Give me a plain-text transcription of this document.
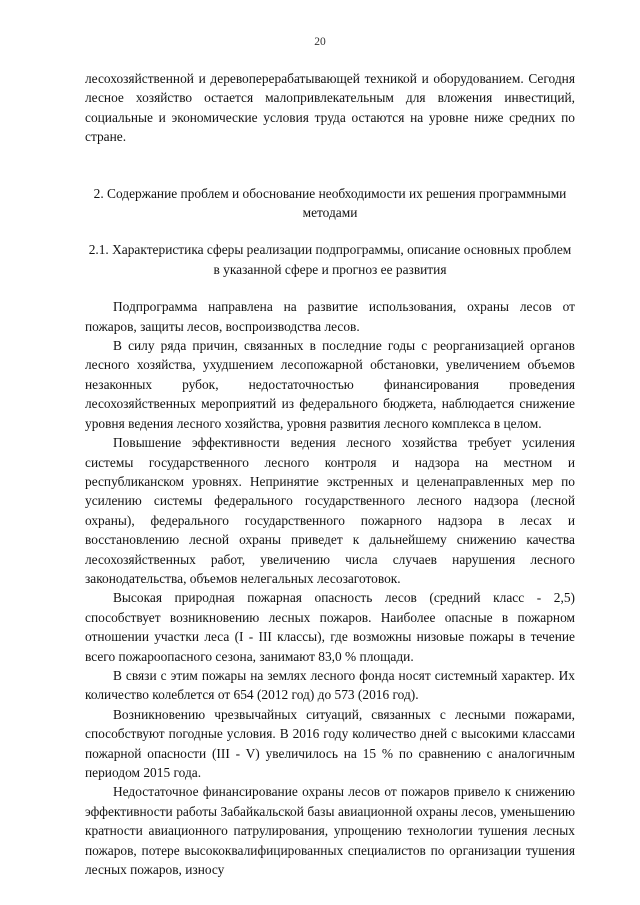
20

лесохозяйственной и деревоперерабатывающей техникой и оборудованием. Сегодня лесное хозяйство остается малопривлекательным для вложения инвестиций, социальные и экономические условия труда остаются на уровне ниже средних по стране.

2. Содержание проблем и обоснование необходимости их решения программными методами

2.1. Характеристика сферы реализации подпрограммы, описание основных проблем в указанной сфере и прогноз ее развития

Подпрограмма направлена на развитие использования, охраны лесов от пожаров, защиты лесов, воспроизводства лесов.

В силу ряда причин, связанных в последние годы с реорганизацией органов лесного хозяйства, ухудшением лесопожарной обстановки, увеличением объемов незаконных рубок, недостаточностью финансирования проведения лесохозяйственных мероприятий из федерального бюджета, наблюдается снижение уровня ведения лесного хозяйства, уровня развития лесного комплекса в целом.

Повышение эффективности ведения лесного хозяйства требует усиления системы государственного лесного контроля и надзора на местном и республиканском уровнях. Непринятие экстренных и целенаправленных мер по усилению системы федерального государственного лесного надзора (лесной охраны), федерального государственного пожарного надзора в лесах и восстановлению лесной охраны приведет к дальнейшему снижению качества лесохозяйственных работ, увеличению числа случаев нарушения лесного законодательства, объемов нелегальных лесозаготовок.

Высокая природная пожарная опасность лесов (средний класс - 2,5) способствует возникновению лесных пожаров. Наиболее опасные в пожарном отношении участки леса (I - III классы), где возможны низовые пожары в течение всего пожароопасного сезона, занимают 83,0 % площади.

В связи с этим пожары на землях лесного фонда носят системный характер. Их количество колеблется от 654 (2012 год) до 573 (2016 год).

Возникновению чрезвычайных ситуаций, связанных с лесными пожарами, способствуют погодные условия. В 2016 году количество дней с высокими классами пожарной опасности (III - V) увеличилось на 15 % по сравнению с аналогичным периодом 2015 года.

Недостаточное финансирование охраны лесов от пожаров привело к снижению эффективности работы Забайкальской базы авиационной охраны лесов, уменьшению кратности авиационного патрулирования, упрощению технологии тушения лесных пожаров, потере высококвалифицированных специалистов по организации тушения лесных пожаров, износу
